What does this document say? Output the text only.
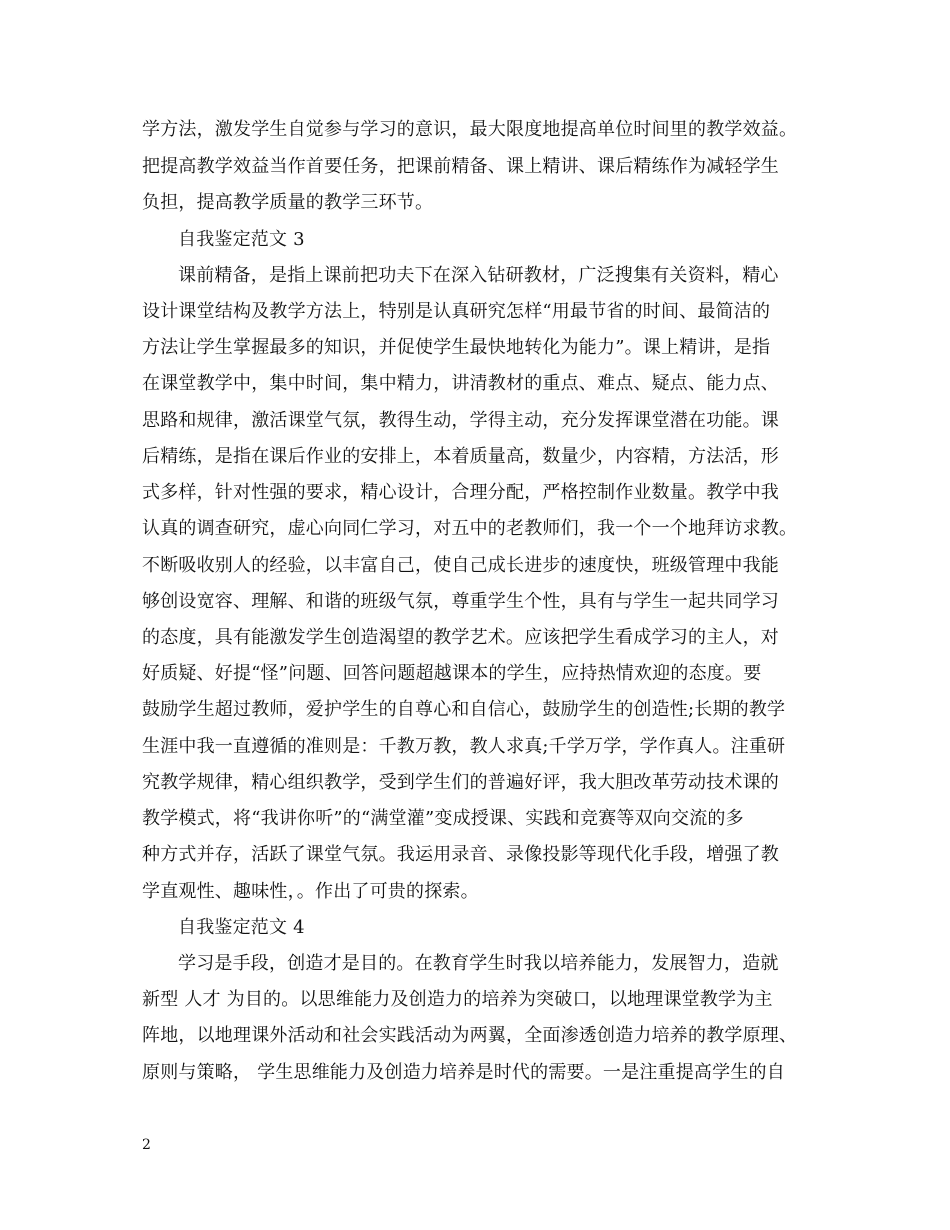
学方法，激发学生自觉参与学习的意识，最大限度地提高单位时间里的教学效益。
把提高教学效益当作首要任务，把课前精备、课上精讲、课后精练作为减轻学生
负担，提高教学质量的教学三环节。
自我鉴定范文 3
课前精备，是指上课前把功夫下在深入钻研教材，广泛搜集有关资料，精心
设计课堂结构及教学方法上，特别是认真研究怎样“用最节省的时间、最简洁的
方法让学生掌握最多的知识，并促使学生最快地转化为能力”。课上精讲，是指
在课堂教学中，集中时间，集中精力，讲清教材的重点、难点、疑点、能力点、
思路和规律，激活课堂气氛，教得生动，学得主动，充分发挥课堂潜在功能。课
后精练，是指在课后作业的安排上，本着质量高，数量少，内容精，方法活，形
式多样，针对性强的要求，精心设计，合理分配，严格控制作业数量。教学中我
认真的调查研究，虚心向同仁学习，对五中的老教师们，我一个一个地拜访求教。
不断吸收别人的经验，以丰富自己，使自己成长进步的速度快，班级管理中我能
够创设宽容、理解、和谐的班级气氛，尊重学生个性，具有与学生一起共同学习
的态度，具有能激发学生创造渴望的教学艺术。应该把学生看成学习的主人，对
好质疑、好提“怪”问题、回答问题超越课本的学生，应持热情欢迎的态度。要
鼓励学生超过教师，爱护学生的自尊心和自信心，鼓励学生的创造性;长期的教学
生涯中我一直遵循的准则是：千教万教，教人求真;千学万学，学作真人。注重研
究教学规律，精心组织教学，受到学生们的普遍好评，我大胆改革劳动技术课的
教学模式，将“我讲你听”的“满堂灌”变成授课、实践和竞赛等双向交流的多
种方式并存，活跃了课堂气氛。我运用录音、录像投影等现代化手段，增强了教
学直观性、趣味性，。作出了可贵的探索。
自我鉴定范文 4
学习是手段，创造才是目的。在教育学生时我以培养能力，发展智力，造就
新型 人才 为目的。以思维能力及创造力的培养为突破口，以地理课堂教学为主
阵地，以地理课外活动和社会实践活动为两翼，全面渗透创造力培养的教学原理、
原则与策略， 学生思维能力及创造力培养是时代的需要。一是注重提高学生的自
2
